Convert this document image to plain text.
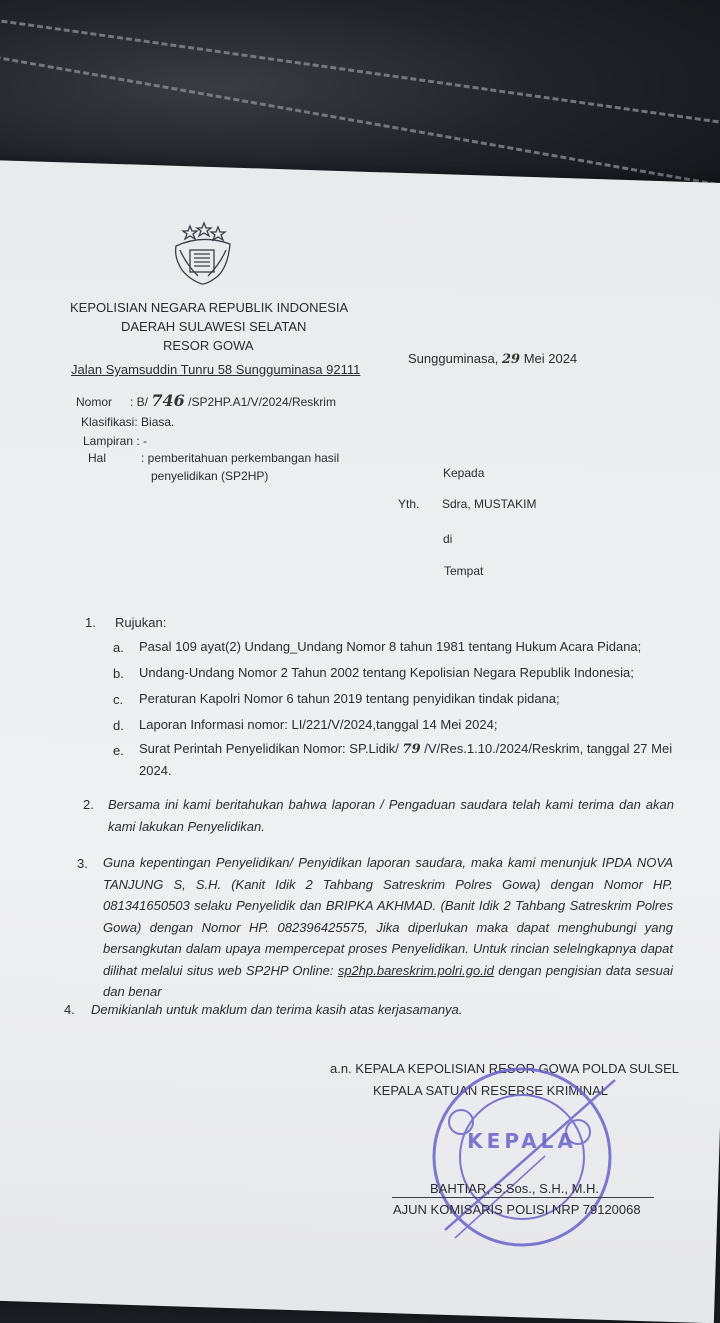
KEPOLISIAN NEGARA REPUBLIK INDONESIA
DAERAH SULAWESI SELATAN
RESOR GOWA
Jalan Syamsuddin Tunru 58 Sungguminasa 92111
Sungguminasa, 29 Mei 2024
Nomor : B/ 746 /SP2HP.A1/V/2024/Reskrim
Klasifikasi: Biasa.
Lampiran : -
Hal	: pemberitahuan perkembangan hasil
penyelidikan (SP2HP)	Kepada
Yth. Sdra, MUSTAKIM
di
Tempat
1. Rujukan:
a. Pasal 109 ayat(2) Undang_Undang Nomor 8 tahun 1981 tentang Hukum Acara Pidana;
b. Undang-Undang Nomor 2 Tahun 2002 tentang Kepolisian Negara Republik Indonesia;
c. Peraturan Kapolri Nomor 6 tahun 2019 tentang penyidikan tindak pidana;
d. Laporan Informasi nomor: LI/221/V/2024,tanggal 14 Mei 2024;
e. Surat Perintah Penyelidikan Nomor: SP.Lidik/ 79 /V/Res.1.10./2024/Reskrim, tanggal 27 Mei
2024.
2. Bersama ini kami beritahukan bahwa laporan / Pengaduan saudara telah kami terima dan akan kami lakukan Penyelidikan.
3. Guna kepentingan Penyelidikan/ Penyidikan laporan saudara, maka kami menunjuk IPDA NOVA TANJUNG S, S.H. (Kanit Idik 2 Tahbang Satreskrim Polres Gowa) dengan Nomor HP. 081341650503 selaku Penyelidik dan BRIPKA AKHMAD. (Banit Idik 2 Tahbang Satreskrim Polres Gowa) dengan Nomor HP. 082396425575, Jika diperlukan maka dapat menghubungi yang bersangkutan dalam upaya mempercepat proses Penyelidikan. Untuk rincian selelngkapnya dapat dilihat melalui situs web SP2HP Online: sp2hp.bareskrim.polri.go.id dengan pengisian data sesuai dan benar
4. Demikianlah untuk maklum dan terima kasih atas kerjasamanya.
a.n. KEPALA KEPOLISIAN RESOR GOWA POLDA SULSEL
KEPALA SATUAN RESERSE KRIMINAL
KEPALA
BAHTIAR, S.Sos., S.H., M.H.
AJUN KOMISARIS POLISI NRP 79120068
